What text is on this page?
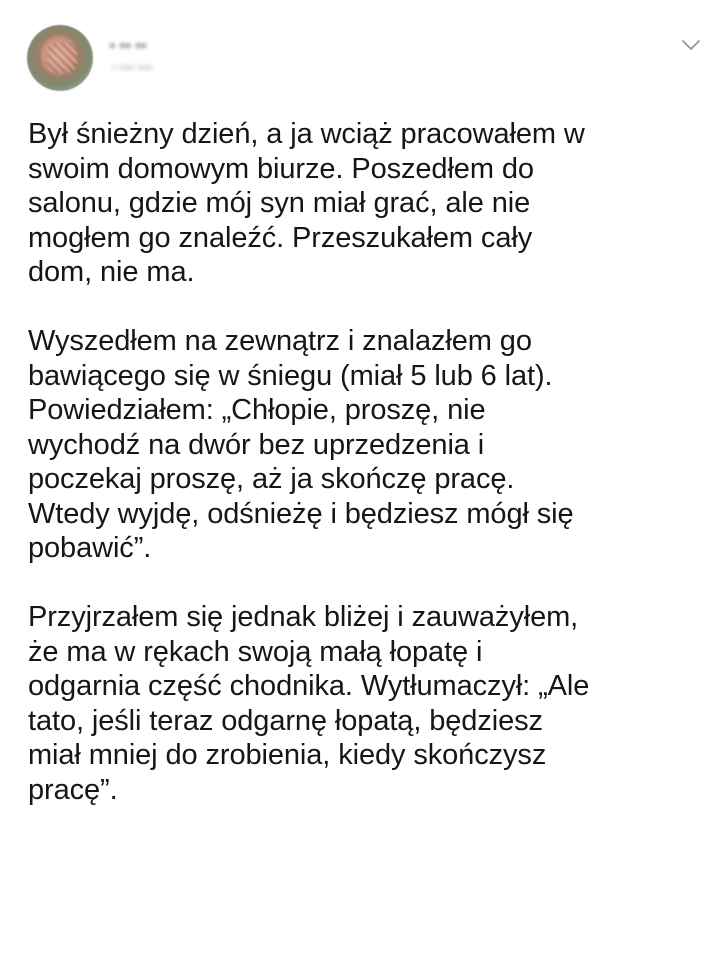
• •• ••
• •••• ••••

Był śnieżny dzień, a ja wciąż pracowałem w
swoim domowym biurze. Poszedłem do
salonu, gdzie mój syn miał grać, ale nie
mogłem go znaleźć. Przeszukałem cały
dom, nie ma.

Wyszedłem na zewnątrz i znalazłem go
bawiącego się w śniegu (miał 5 lub 6 lat).
Powiedziałem: „Chłopie, proszę, nie
wychodź na dwór bez uprzedzenia i
poczekaj proszę, aż ja skończę pracę.
Wtedy wyjdę, odśnieżę i będziesz mógł się
pobawić”.

Przyjrzałem się jednak bliżej i zauważyłem,
że ma w rękach swoją małą łopatę i
odgarnia część chodnika. Wytłumaczył: „Ale
tato, jeśli teraz odgarnę łopatą, będziesz
miał mniej do zrobienia, kiedy skończysz
pracę”.
